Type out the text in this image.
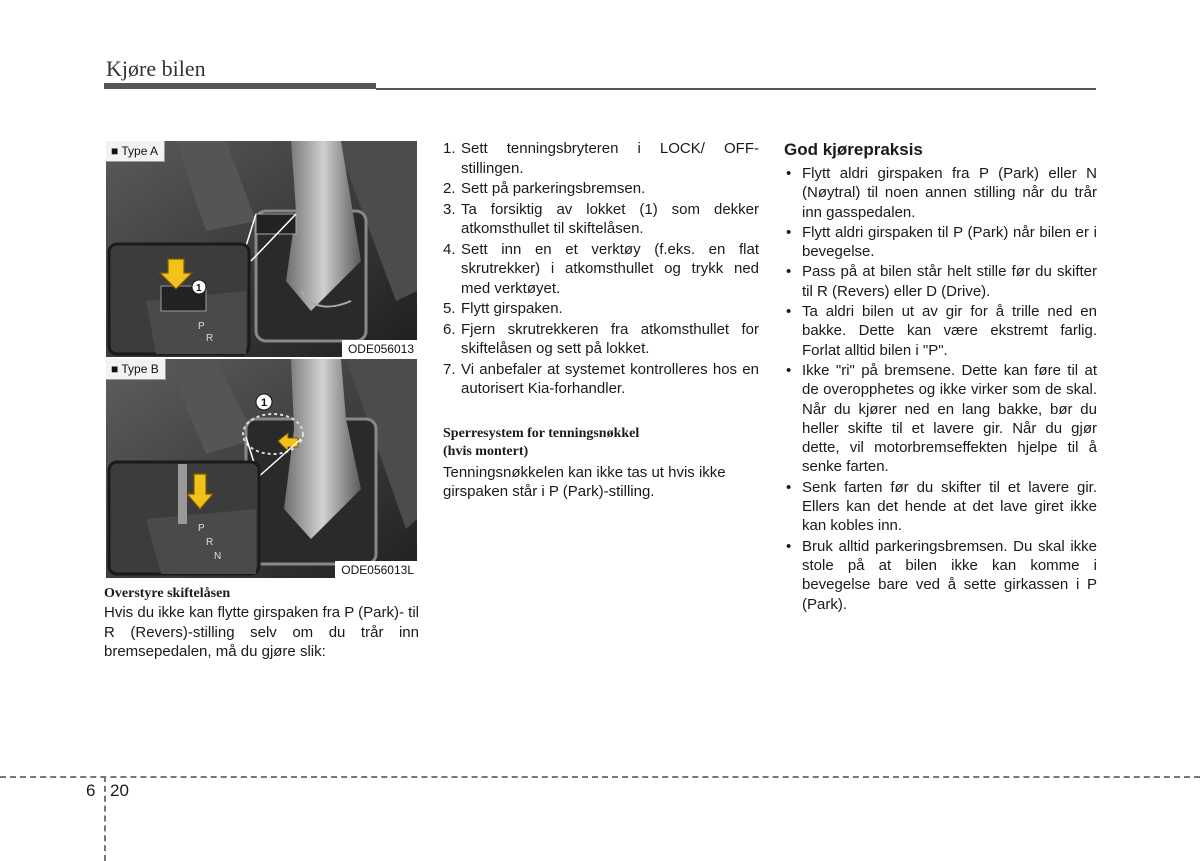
Kjøre bilen
P
R
1
■ Type A
ODE056013
1
P
R
N
■ Type B
ODE056013L
Overstyre skiftelåsen
Hvis du ikke kan flytte girspaken fra P (Park)- til R (Revers)-stilling selv om du trår inn bremsepedalen, må du gjøre slik:
1. Sett tenningsbryteren i LOCK/ OFF-stillingen.
2. Sett på parkeringsbremsen.
3. Ta forsiktig av lokket (1) som dekker atkomsthullet til skiftelåsen.
4. Sett inn en et verktøy (f.eks. en flat skrutrekker) i atkomsthullet og trykk ned med verktøyet.
5. Flytt girspaken.
6. Fjern skrutrekkeren fra atkomsthullet for skiftelåsen og sett på lokket.
7. Vi anbefaler at systemet kontrolleres hos en autorisert Kia-forhandler.
Sperresystem for tenningsnøkkel
(hvis montert)
Tenningsnøkkelen kan ikke tas ut hvis ikke girspaken står i P (Park)-stilling.
God kjørepraksis
• Flytt aldri girspaken fra P (Park) eller N (Nøytral) til noen annen stilling når du trår inn gasspedalen.
• Flytt aldri girspaken til P (Park) når bilen er i bevegelse.
• Pass på at bilen står helt stille før du skifter til R (Revers) eller D (Drive).
• Ta aldri bilen ut av gir for å trille ned en bakke. Dette kan være ekstremt farlig. Forlat alltid bilen i "P".
• Ikke "ri" på bremsene. Dette kan føre til at de overopphetes og ikke virker som de skal. Når du kjører ned en lang bakke, bør du heller skifte til et lavere gir. Når du gjør dette, vil motorbremseffekten hjelpe til å senke farten.
• Senk farten før du skifter til et lavere gir. Ellers kan det hende at det lave giret ikke kan kobles inn.
• Bruk alltid parkeringsbremsen. Du skal ikke stole på at bilen ikke kan komme i bevegelse bare ved å sette girkassen i P (Park).
6 20
